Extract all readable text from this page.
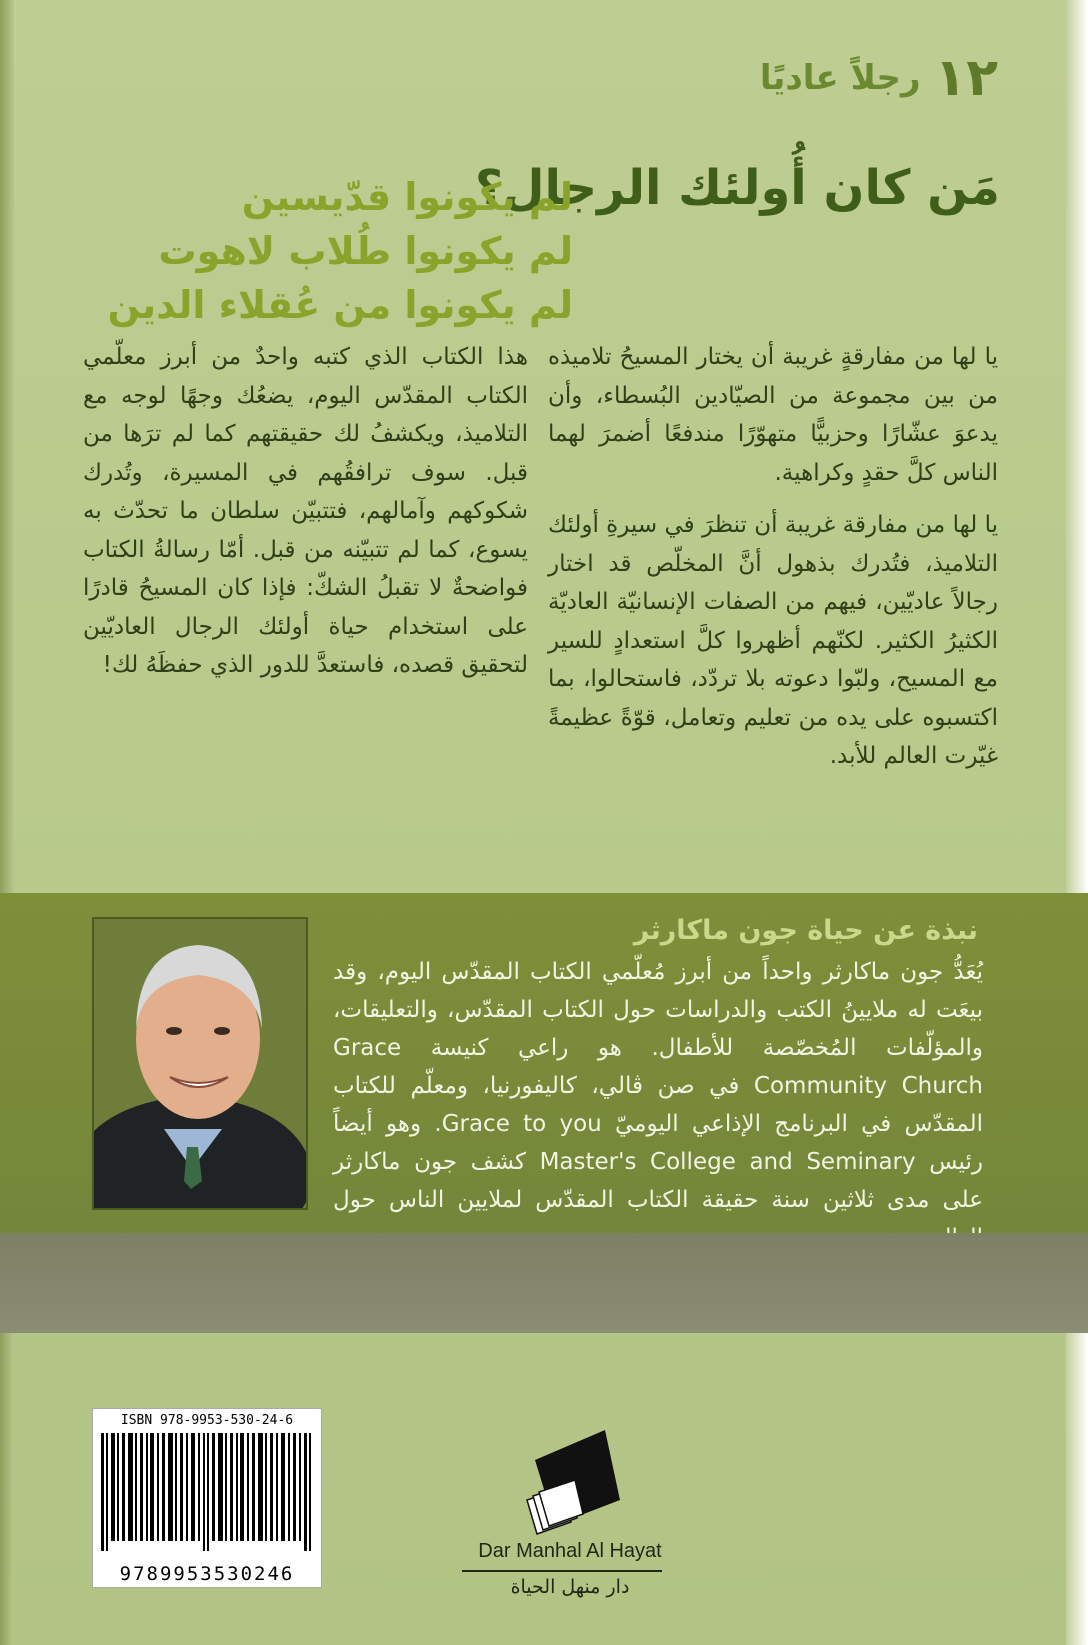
١٢
رجلاً عاديًا
مَن كان أُولئك الرجال؟
لم يكونوا قدّيسين
لم يكونوا طُلاب لاهوت
لم يكونوا من عُقلاء الدين

يا لها من مفارقةٍ غريبة أن يختار المسيحُ تلاميذه من بين مجموعة من الصيّادين البُسطاء، وأن يدعوَ عشّارًا وحزبيًّا متهوّرًا مندفعًا أضمرَ لهما الناس كلَّ حقدٍ وكراهية.

يا لها من مفارقة غريبة أن تنظرَ في سيرةِ أولئك التلاميذ، فتُدرك بذهول أنَّ المخلّص قد اختار رجالاً عاديّين، فيهم من الصفات الإنسانيّة العاديّة الكثيرُ الكثير. لكنّهم أظهروا كلَّ استعدادٍ للسير مع المسيح، ولبّوا دعوته بلا تردّد، فاستحالوا، بما اكتسبوه على يده من تعليم وتعامل، قوّةً عظيمةً غيّرت العالم للأبد.

هذا الكتاب الذي كتبه واحدٌ من أبرز معلّمي الكتاب المقدّس اليوم، يضعُك وجهًا لوجه مع التلاميذ، ويكشفُ لك حقيقتهم كما لم ترَها من قبل. سوف ترافقُهم في المسيرة، وتُدرك شكوكهم وآمالهم، فتتبيّن سلطان ما تحدّث به يسوع، كما لم تتبيّنه من قبل. أمّا رسالةُ الكتاب فواضحةٌ لا تقبلُ الشكّ: فإذا كان المسيحُ قادرًا على استخدام حياة أولئك الرجال العاديّين لتحقيق قصده، فاستعدَّ للدور الذي حفظَهُ لك!

نبذة عن حياة جون ماكارثر

يُعَدُّ جون ماكارثر واحداً من أبرز مُعلّمي الكتاب المقدّس اليوم، وقد بيعَت له ملايينُ الكتب والدراسات حول الكتاب المقدّس، والتعليقات، والمؤلّفات المُخصّصة للأطفال. هو راعي كنيسة Grace Community Church في صن ڤالي، كاليفورنيا، ومعلّم للكتاب المقدّس في البرنامج الإذاعي اليوميّ Grace to you. وهو أيضاً رئيس Master's College and Seminary كشف جون ماكارثر على مدى ثلاثين سنة حقيقة الكتاب المقدّس لملايين الناس حول

ISBN 978-9953-530-24-6
9789953530246
Dar Manhal Al Hayat
دار منهل الحياة
